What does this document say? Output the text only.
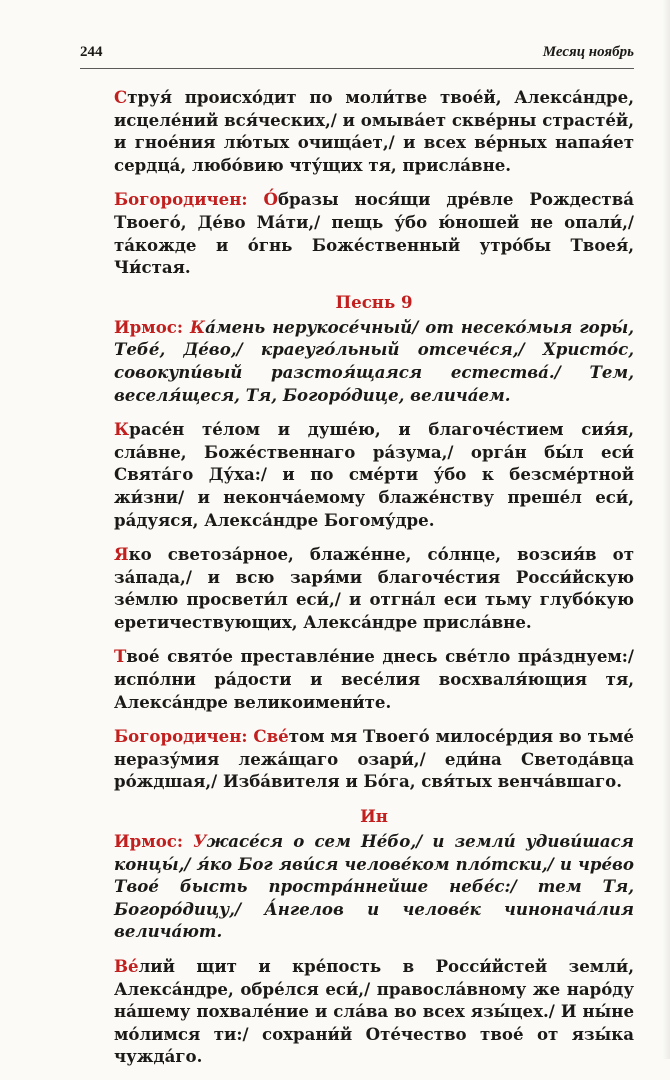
244	Месяц ноябрь

Струя́ происхо́дит по моли́тве твое́й, Алекса́ндре, исцеле́ний вся́ческих,/ и омыва́ет скве́рны страсте́й, и гное́ния лю́тых очища́ет,/ и всех ве́рных напая́ет сердца́, любо́вию чту́щих тя, присла́вне.

Богородичен: О́бразы нося́щи дре́вле Рождества́ Твоего́, Де́во Ма́ти,/ пещь у́бо ю́ношей не опали́,/ та́кожде и о́гнь Боже́ственный утро́бы Твоея́, Чи́стая.

Песнь 9

Ирмос: Ка́мень нерукосе́чный/ от несеко́мыя горы́, Тебе́, Де́во,/ краеуго́льный отсече́ся,/ Христо́с, совокупи́вый разстоя́щаяся естества́./ Тем, веселя́щеся, Тя, Богоро́дице, велича́ем.

Красе́н те́лом и душе́ю, и благоче́стием сия́я, сла́вне, Боже́ственнаго ра́зума,/ орга́н бы́л еси́ Свята́го Ду́ха:/ и по сме́рти у́бо к безсме́ртной жи́зни/ и неконча́емому блаже́нству преше́л еси́, ра́дуяся, Алекса́ндре Богому́дре.

Яко светоза́рное, блаже́нне, со́лнце, возсия́в от за́пада,/ и всю заря́ми благоче́стия Росси́йскую зе́млю просвети́л еси́,/ и отгна́л еси тьму глубо́кую еретичествующих, Алекса́ндре присла́вне.

Твое́ свято́е преставле́ние днесь све́тло пра́зднуем:/ испо́лни ра́дости и весе́лия восхваля́ющия тя, Алекса́ндре великоимени́те.

Богородичен: Све́том мя Твоего́ милосе́рдия во тьме́ неразу́мия лежа́щаго озари́,/ еди́на Светода́вца ро́ждшая,/ Изба́вителя и Бо́га, свя́тых венча́вшаго.

Ин

Ирмос: Ужасе́ся о сем Не́бо,/ и земли́ удиви́шася концы́,/ я́ко Бог яви́ся челове́ком пло́тски,/ и чре́во Твое́ бысть простра́ннейше небе́с:/ тем Тя, Богоро́дицу,/ А́нгелов и челове́к чинонача́лия велича́ют.

Ве́лий щит и кре́пость в Росси́йстей земли́, Алекса́ндре, обре́лся еси́,/ правосла́вному же наро́ду на́шему похвале́ние и сла́ва во всех язы́цех./ И ны́не мо́лимся ти:/ сохрани́й Оте́чество твое́ от язы́ка чужда́го.
